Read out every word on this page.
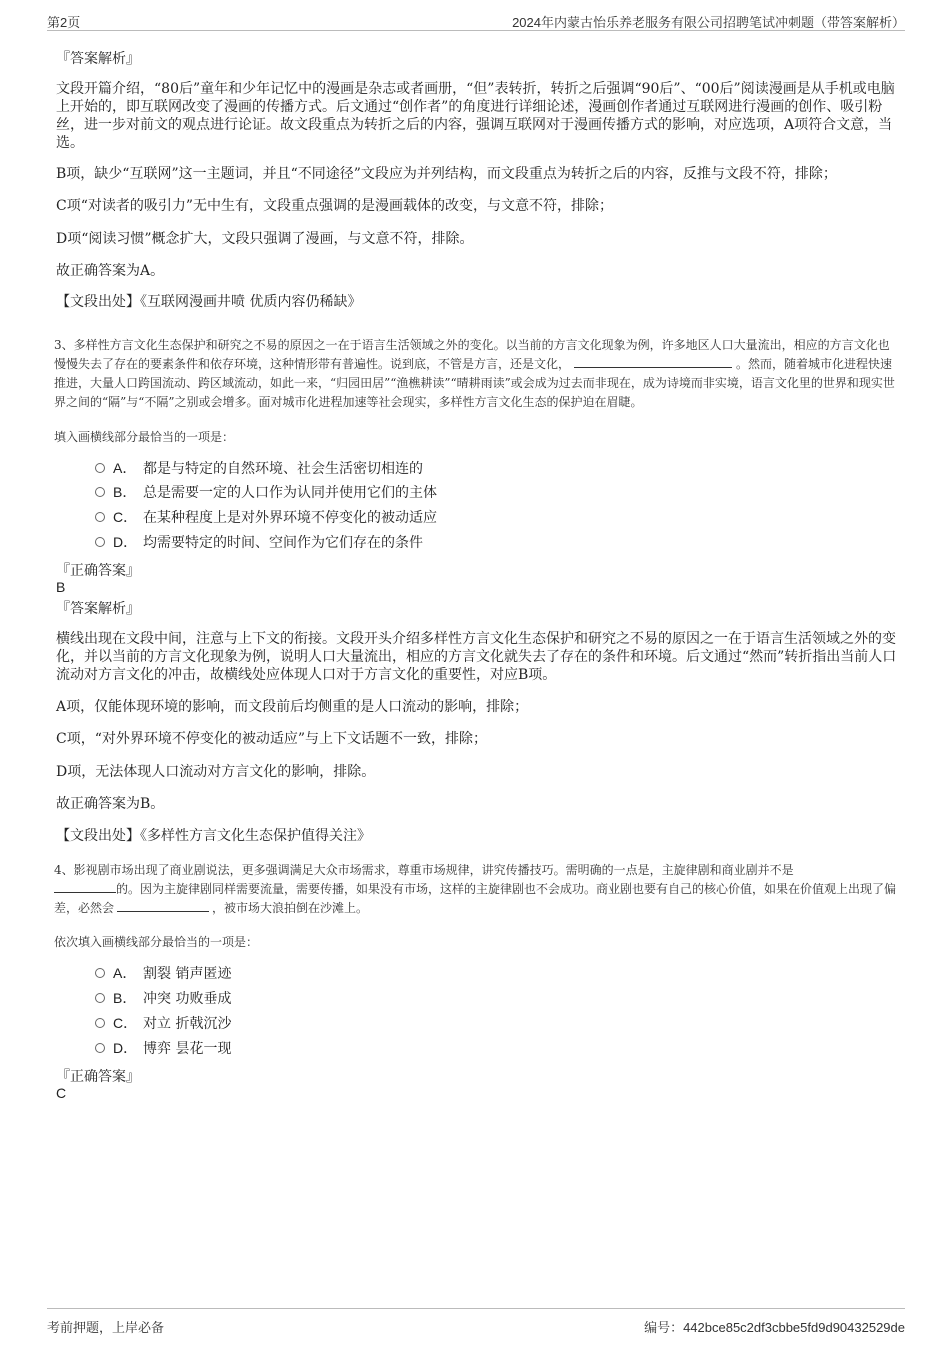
第2页	2024年内蒙古怡乐养老服务有限公司招聘笔试冲刺题（带答案解析）
『答案解析』
文段开篇介绍，“80后”童年和少年记忆中的漫画是杂志或者画册，“但”表转折，转折之后强调“90后”、“00后”阅读漫画是从手机或电脑上开始的，即互联网改变了漫画的传播方式。后文通过“创作者”的角度进行详细论述，漫画创作者通过互联网进行漫画的创作、吸引粉丝，进一步对前文的观点进行论证。故文段重点为转折之后的内容，强调互联网对于漫画传播方式的影响，对应选项，A项符合文意，当选。
B项，缺少“互联网”这一主题词，并且“不同途径”文段应为并列结构，而文段重点为转折之后的内容，反推与文段不符，排除；
C项“对读者的吸引力”无中生有，文段重点强调的是漫画载体的改变，与文意不符，排除；
D项“阅读习惯”概念扩大，文段只强调了漫画，与文意不符，排除。
故正确答案为A。
【文段出处】《互联网漫画井喷 优质内容仍稀缺》
3、多样性方言文化生态保护和研究之不易的原因之一在于语言生活领域之外的变化。以当前的方言文化现象为例，许多地区人口大量流出，相应的方言文化也慢慢失去了存在的要素条件和依存环境，这种情形带有普遍性。说到底，不管是方言，还是文化，	。然而，随着城市化进程快速推进，大量人口跨国流动、跨区域流动，如此一来，“归园田居”“渔樵耕读”“晴耕雨读”或会成为过去而非现在，成为诗境而非实境，语言文化里的世界和现实世界之间的“隔”与“不隔”之别或会增多。面对城市化进程加速等社会现实，多样性方言文化生态的保护迫在眉睫。
填入画横线部分最恰当的一项是：
A． 都是与特定的自然环境、社会生活密切相连的
B． 总是需要一定的人口作为认同并使用它们的主体
C． 在某种程度上是对外界环境不停变化的被动适应
D． 均需要特定的时间、空间作为它们存在的条件
『正确答案』
B
『答案解析』
横线出现在文段中间，注意与上下文的衔接。文段开头介绍多样性方言文化生态保护和研究之不易的原因之一在于语言生活领域之外的变化，并以当前的方言文化现象为例，说明人口大量流出，相应的方言文化就失去了存在的条件和环境。后文通过“然而”转折指出当前人口流动对方言文化的冲击，故横线处应体现人口对于方言文化的重要性，对应B项。
A项，仅能体现环境的影响，而文段前后均侧重的是人口流动的影响，排除；
C项，“对外界环境不停变化的被动适应”与上下文话题不一致，排除；
D项，无法体现人口流动对方言文化的影响，排除。
故正确答案为B。
【文段出处】《多样性方言文化生态保护值得关注》
4、影视剧市场出现了商业剧说法，更多强调满足大众市场需求，尊重市场规律，讲究传播技巧。需明确的一点是，主旋律剧和商业剧并不是
的。因为主旋律剧同样需要流量，需要传播，如果没有市场，这样的主旋律剧也不会成功。商业剧也要有自己的核心价值，如果在价值观上出现了偏差，必然会	，被市场大浪拍倒在沙滩上。
依次填入画横线部分最恰当的一项是：
A． 割裂 销声匿迹
B． 冲突 功败垂成
C． 对立 折戟沉沙
D． 博弈 昙花一现
『正确答案』
C
考前押题，上岸必备	编号：442bce85c2df3cbbe5fd9d90432529de
